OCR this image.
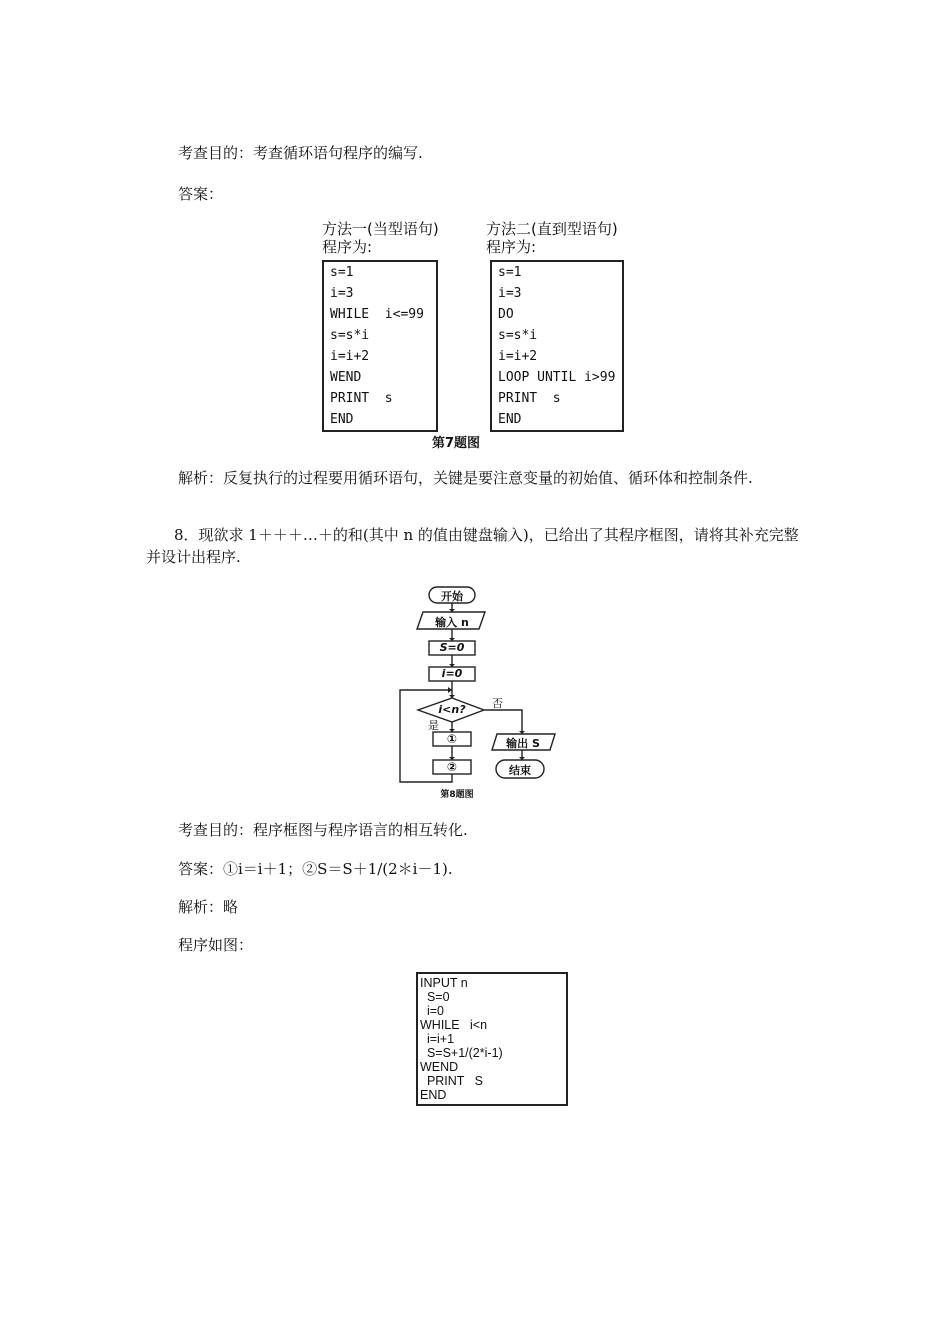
考查目的：考查循环语句程序的编写.
答案：
方法一(当型语句)
程序为:
方法二(直到型语句)
程序为:
s=1
i=3
WHILE  i<=99
s=s*i
i=i+2
WEND
PRINT  s
END
s=1
i=3
DO
s=s*i
i=i+2
LOOP UNTIL i>99
PRINT  s
END
第7题图
解析：反复执行的过程要用循环语句，关键是要注意变量的初始值、循环体和控制条件.
8．现欲求 1＋＋＋…＋的和(其中 n 的值由键盘输入)，已给出了其程序框图，请将其补充完整并设计出程序.
开始
输入 n
S=0
i=0
i<n?	否
是
①
②
输出 S
结束
第8题图
考查目的：程序框图与程序语言的相互转化.
答案：①i＝i＋1；②S＝S＋1/(2＊i－1).
解析：略
程序如图：
INPUT n
S=0
i=0
WHILE   i<n
i=i+1
S=S+1/(2*i-1)
WEND
PRINT   S
END
